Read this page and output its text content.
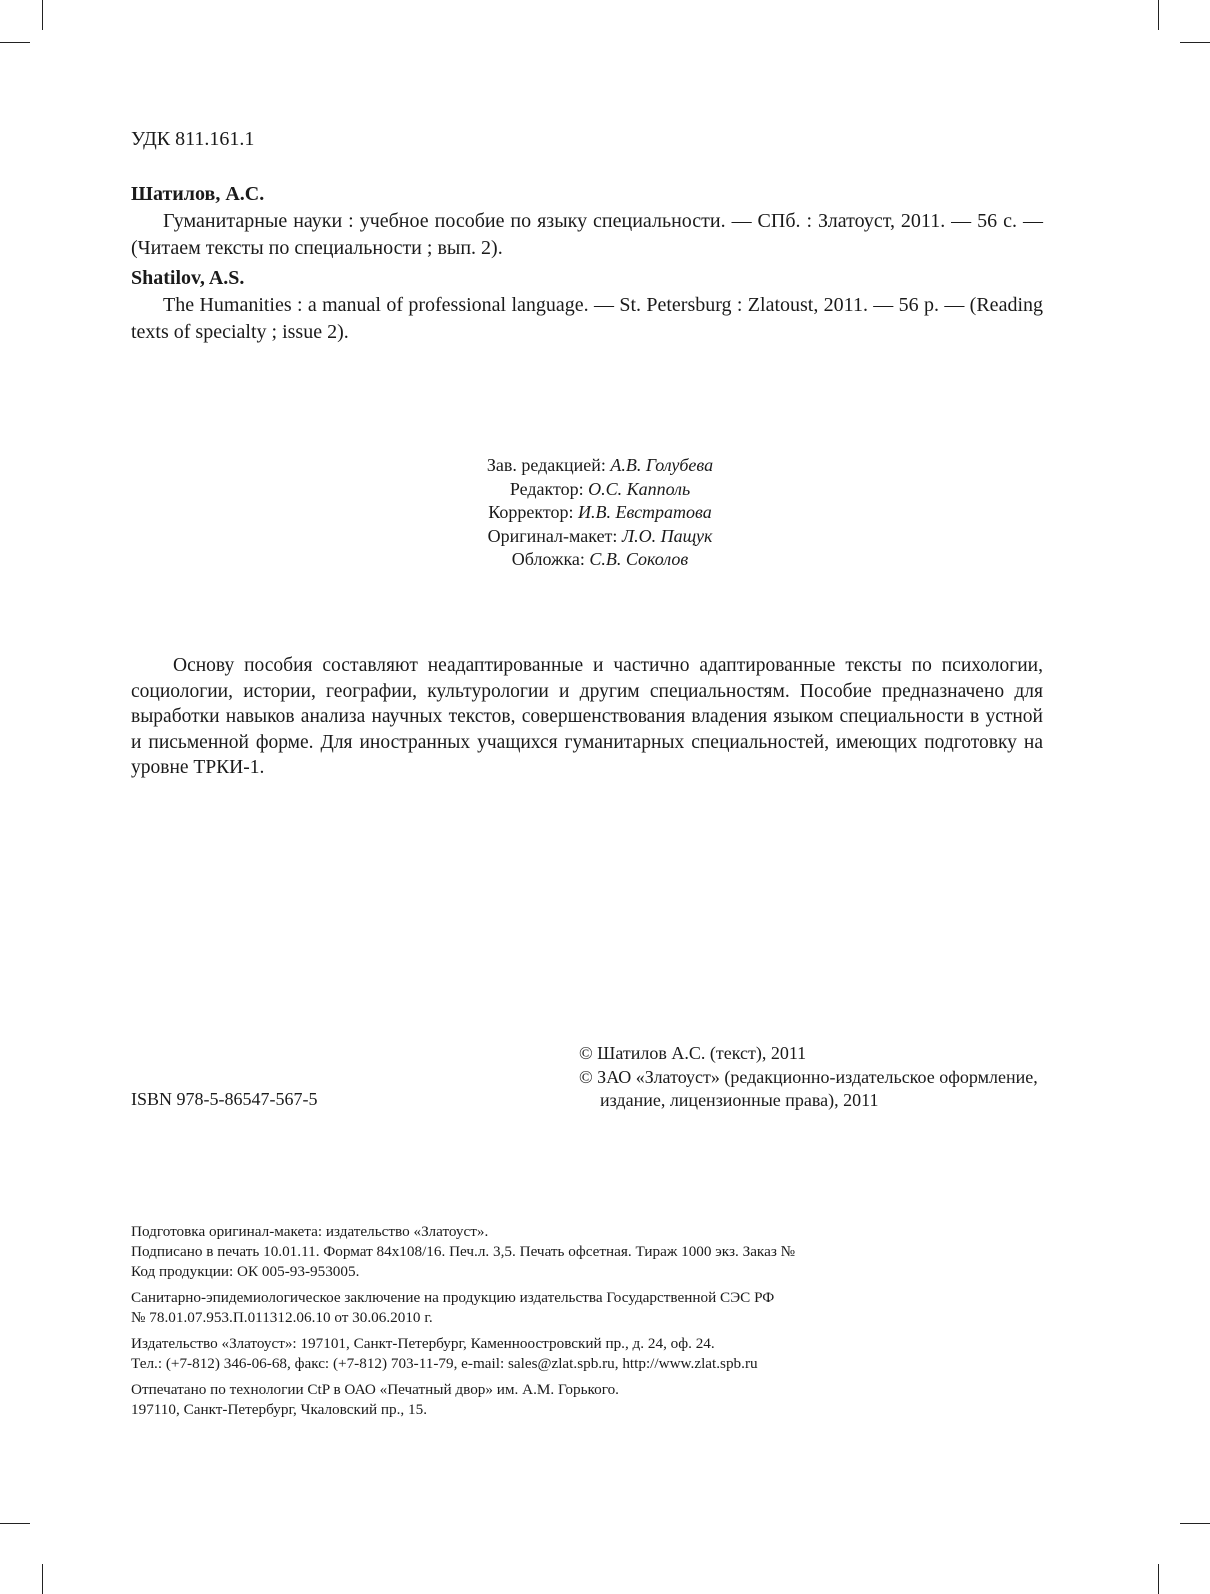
УДК 811.161.1
Шатилов, А.С.
Гуманитарные науки : учебное пособие по языку специальности. — СПб. : Златоуст, 2011. — 56 с. — (Читаем тексты по специальности ; вып. 2).
Shatilov, A.S.
The Humanities : a manual of professional language. — St. Petersburg : Zlatoust, 2011. — 56 p. — (Reading texts of specialty ; issue 2).
Зав. редакцией: А.В. Голубева
Редактор: О.С. Капполь
Корректор: И.В. Евстратова
Оригинал-макет: Л.О. Пащук
Обложка: С.В. Соколов

Основу пособия составляют неадаптированные и частично адаптированные тексты по психологии, социологии, истории, географии, культурологии и другим специальностям. Пособие предназначено для выработки навыков анализа научных текстов, совершенствования владения языком специальности в устной и письменной форме. Для иностранных учащихся гуманитарных специальностей, имеющих подготовку на уровне ТРКИ-1.

© Шатилов А.С. (текст), 2011
© ЗАО «Златоуст» (редакционно-издательское оформление, издание, лицензионные права), 2011
ISBN 978-5-86547-567-5
Подготовка оригинал-макета: издательство «Златоуст».
Подписано в печать 10.01.11. Формат 84х108/16. Печ.л. 3,5. Печать офсетная. Тираж 1000 экз. Заказ №
Код продукции: ОК 005-93-953005.
Санитарно-эпидемиологическое заключение на продукцию издательства Государственной СЭС РФ
№ 78.01.07.953.П.011312.06.10 от 30.06.2010 г.
Издательство «Златоуст»: 197101, Санкт-Петербург, Каменноостровский пр., д. 24, оф. 24.
Тел.: (+7-812) 346-06-68, факс: (+7-812) 703-11-79, e-mail: sales@zlat.spb.ru, http://www.zlat.spb.ru
Отпечатано по технологии CtP в ОАО «Печатный двор» им. А.М. Горького.
197110, Санкт-Петербург, Чкаловский пр., 15.
